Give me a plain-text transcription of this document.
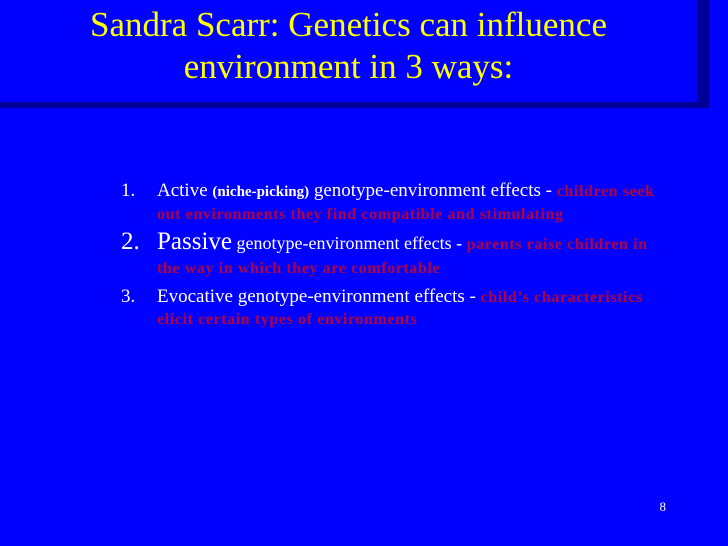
Sandra Scarr: Genetics can influence
environment in 3 ways:
1. Active (niche-picking) genotype-environment effects - children seek out environments they find compatible and stimulating
2. Passive genotype-environment effects - parents raise children in the way in which they are comfortable
3. Evocative genotype-environment effects - child’s characteristics elicit certain types of environments
8
